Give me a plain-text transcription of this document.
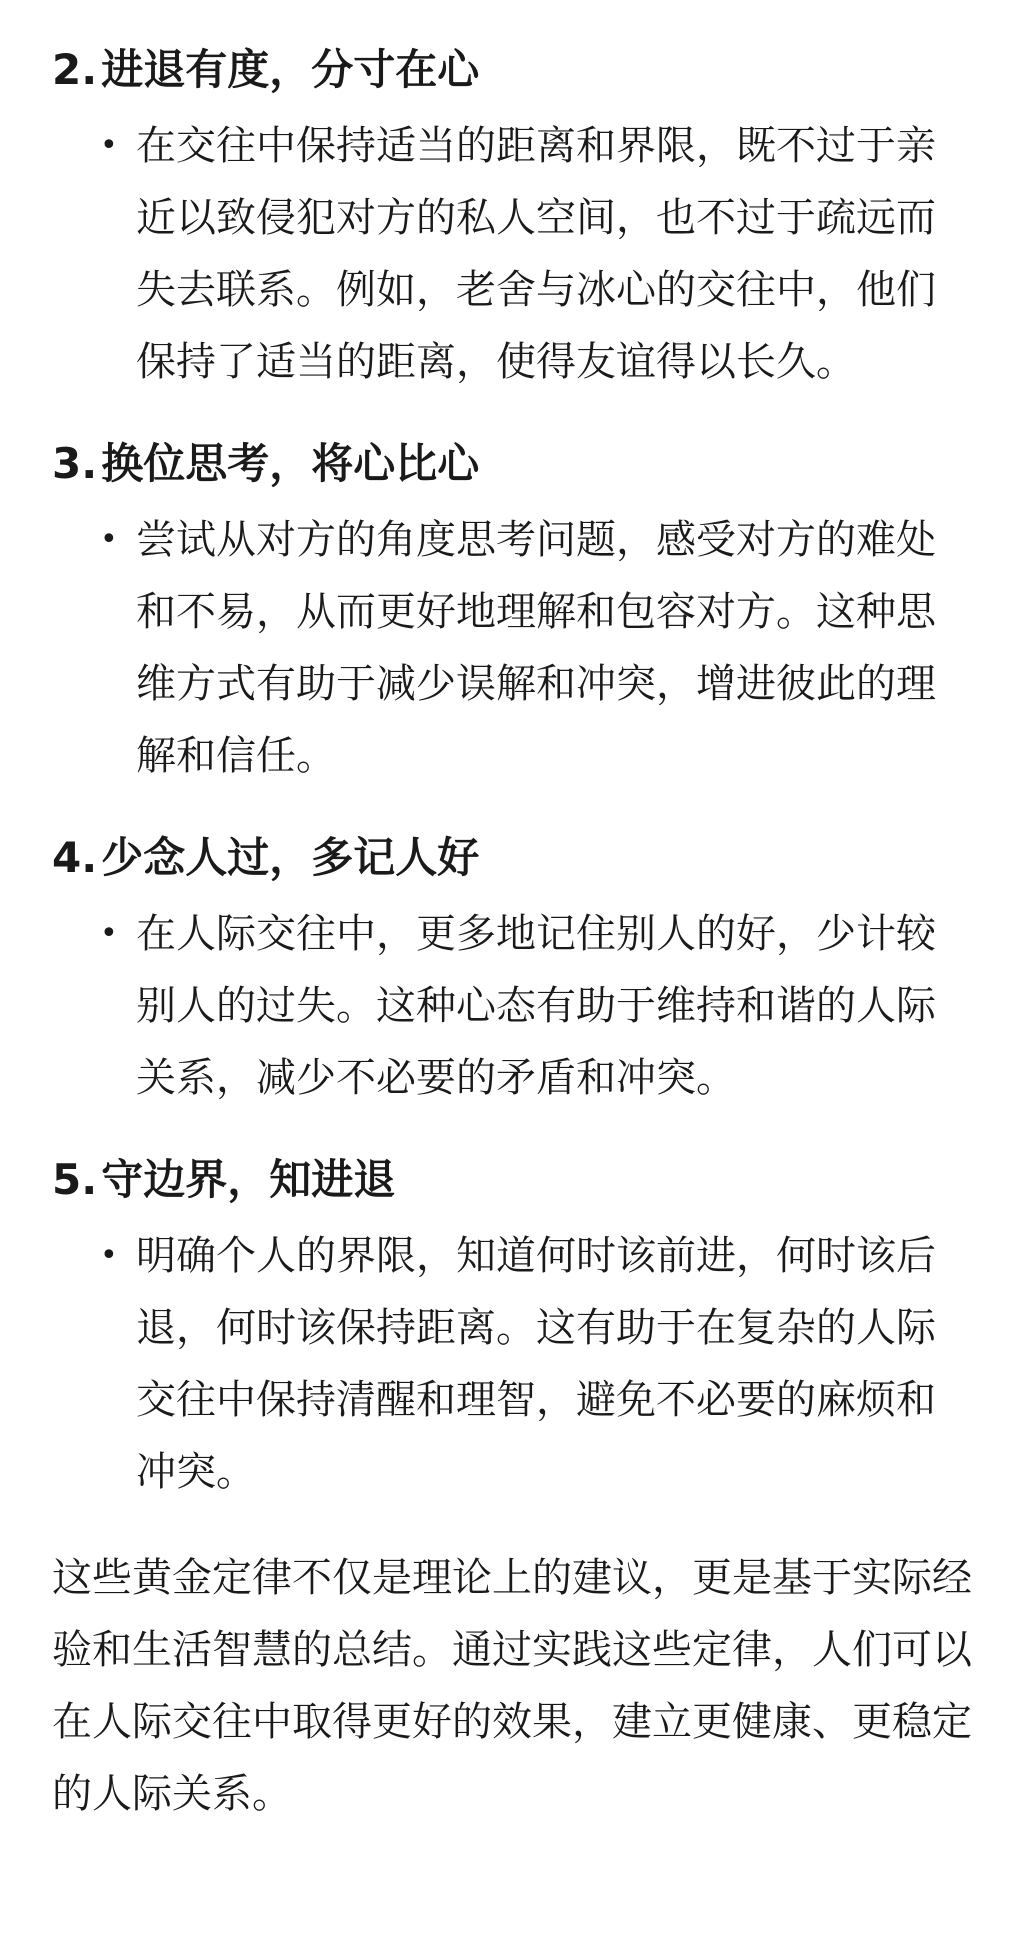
2. 进退有度，分寸在心
• 在交往中保持适当的距离和界限，既不过于亲近以致侵犯对方的私人空间，也不过于疏远而失去联系。例如，老舍与冰心的交往中，他们保持了适当的距离，使得友谊得以长久。
3. 换位思考，将心比心
• 尝试从对方的角度思考问题，感受对方的难处和不易，从而更好地理解和包容对方。这种思维方式有助于减少误解和冲突，增进彼此的理解和信任。
4. 少念人过，多记人好
• 在人际交往中，更多地记住别人的好，少计较别人的过失。这种心态有助于维持和谐的人际关系，减少不必要的矛盾和冲突。
5. 守边界，知进退
• 明确个人的界限，知道何时该前进，何时该后退，何时该保持距离。这有助于在复杂的人际交往中保持清醒和理智，避免不必要的麻烦和冲突。
这些黄金定律不仅是理论上的建议，更是基于实际经验和生活智慧的总结。通过实践这些定律，人们可以在人际交往中取得更好的效果，建立更健康、更稳定的人际关系。
